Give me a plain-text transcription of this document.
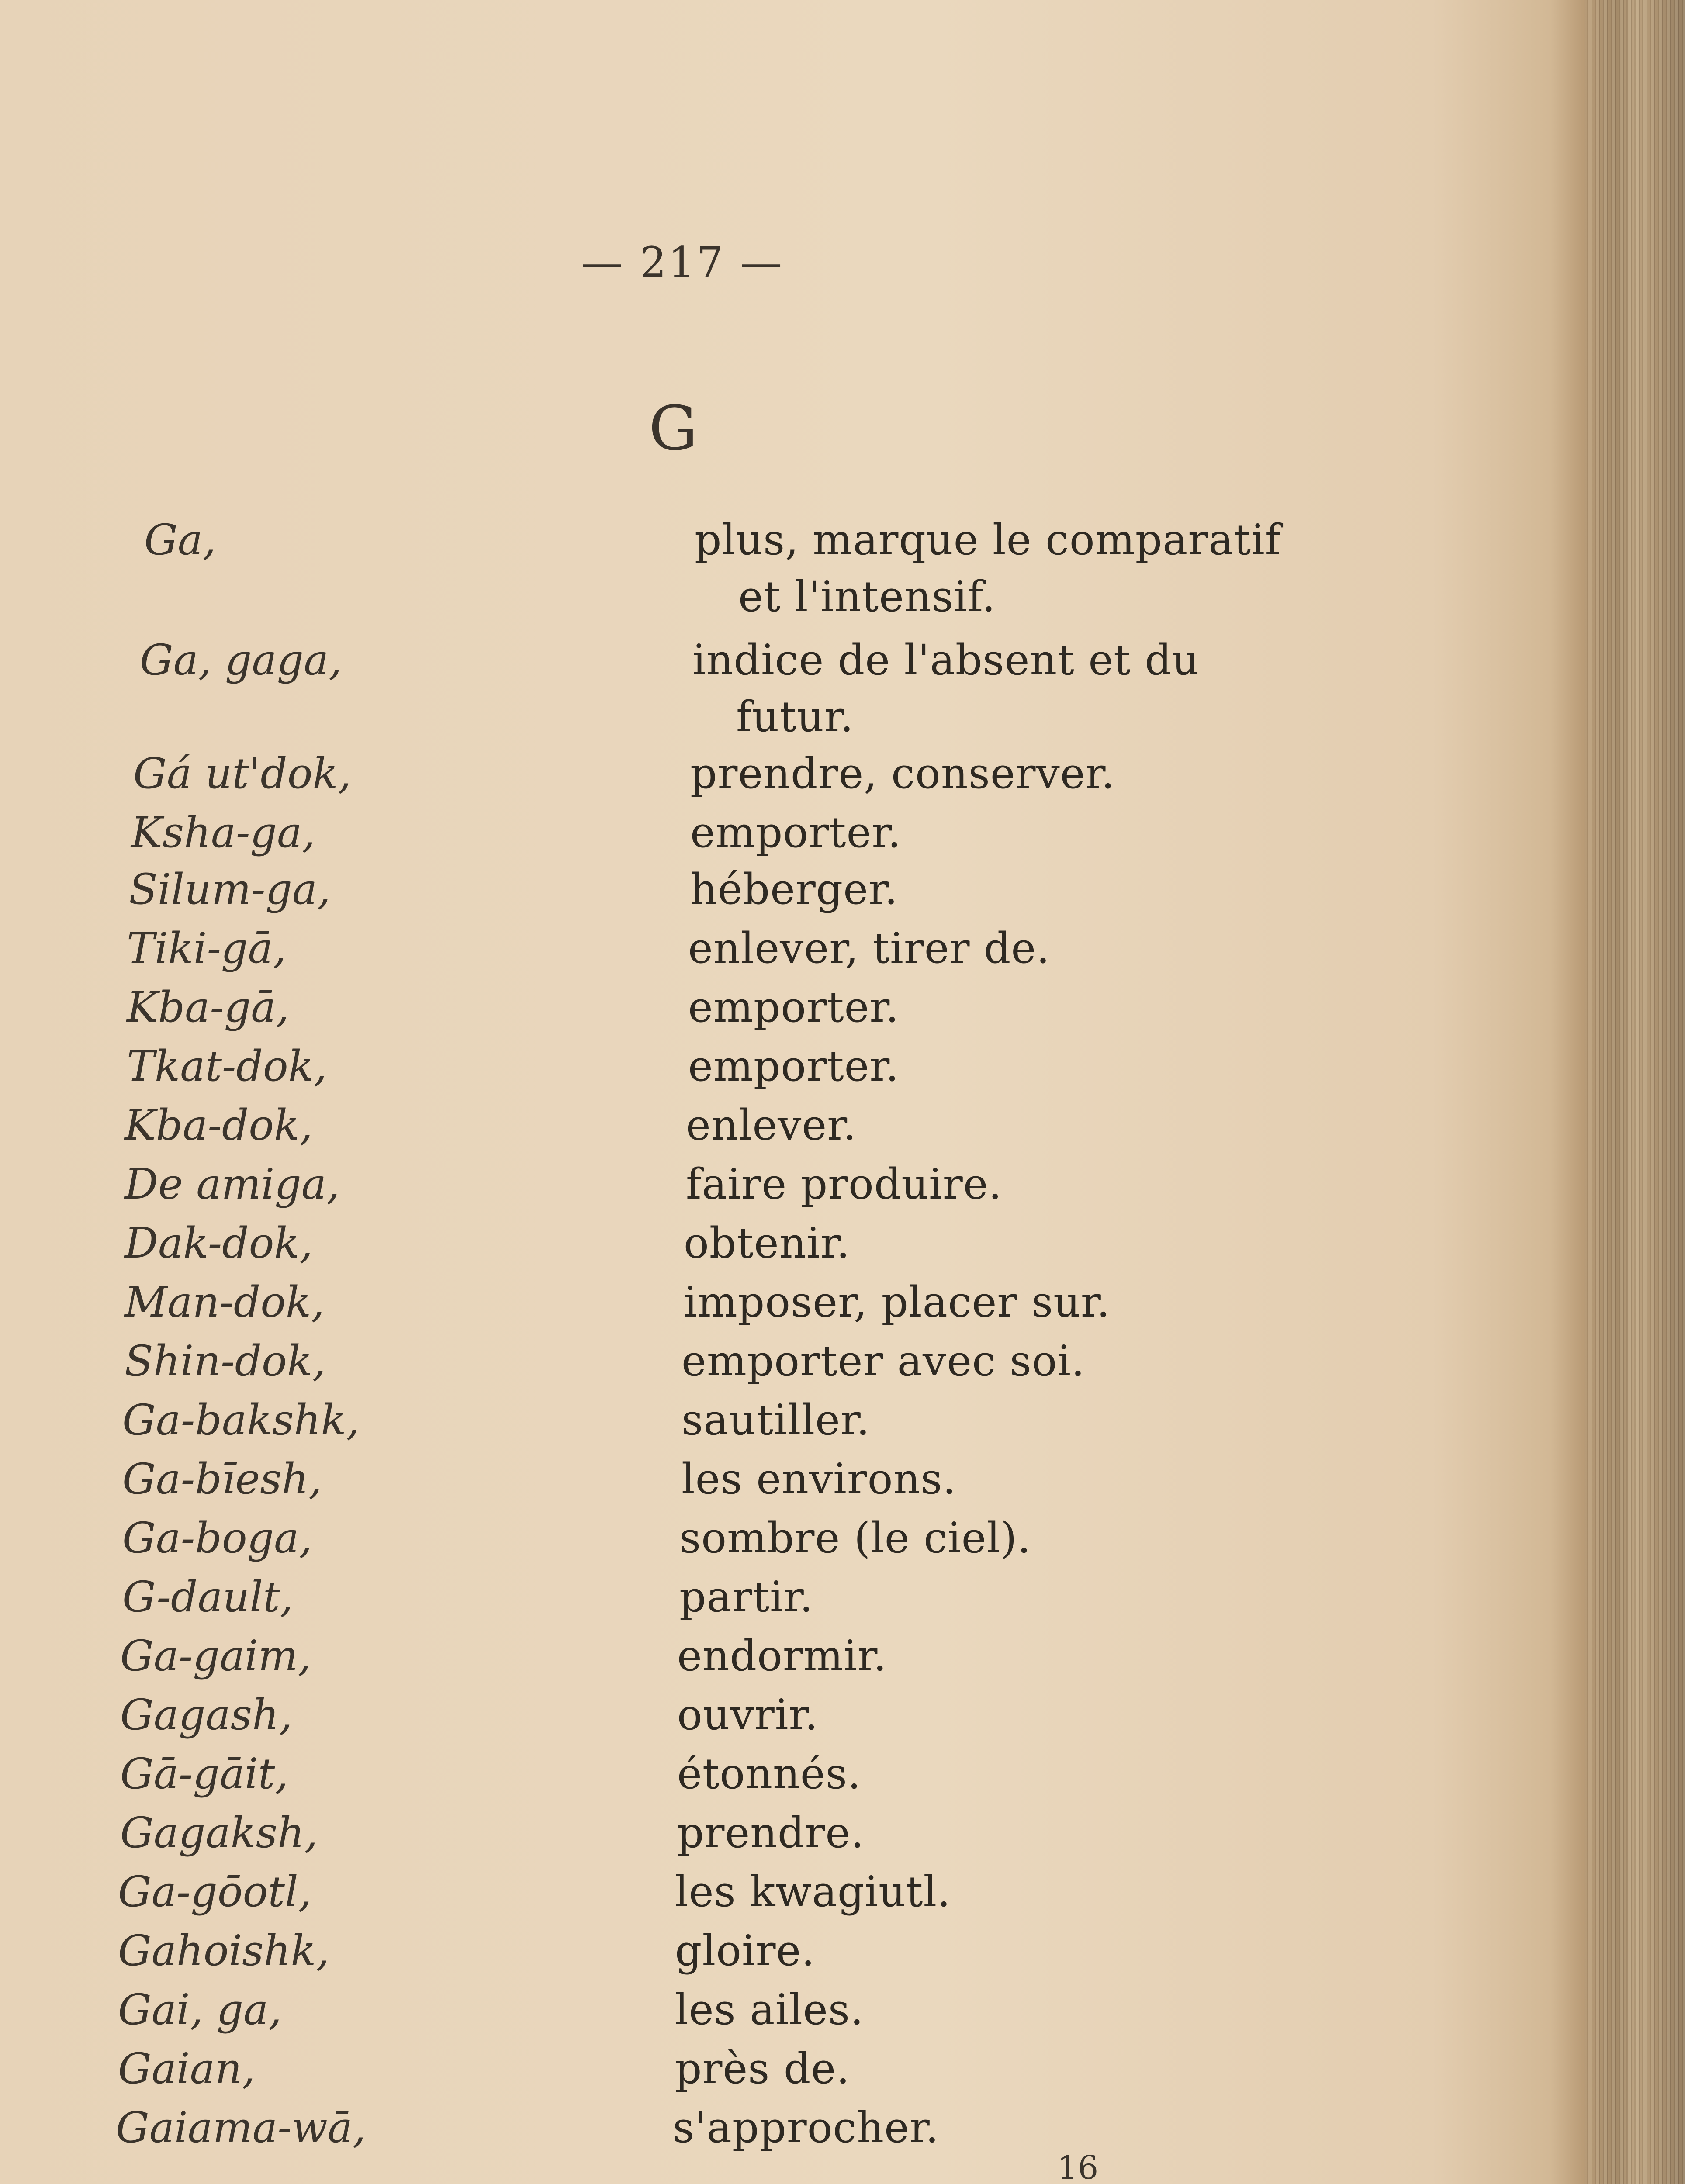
— 217 —
G
Ga,	plus, marque le comparatif
et l'intensif.
Ga, gaga,	indice de l'absent et du
futur.
Gá ut'dok,	prendre, conserver.
Ksha-ga,	emporter.
Silum-ga,	héberger.
Tiki-gā,	enlever, tirer de.
Kba-gā,	emporter.
Tkat-dok,	emporter.
Kba-dok,	enlever.
De amiga,	faire produire.
Dak-dok,	obtenir.
Man-dok,	imposer, placer sur.
Shin-dok,	emporter avec soi.
Ga-bakshk,	sautiller.
Ga-bīesh,	les environs.
Ga-boga,	sombre (le ciel).
G-dault,	partir.
Ga-gaim,	endormir.
Gagash,	ouvrir.
Gā-gāit,	étonnés.
Gagaksh,	prendre.
Ga-gōotl,	les kwagiutl.
Gahoishk,	gloire.
Gai, ga,	les ailes.
Gaian,	près de.
Gaiama-wā,	s'approcher.
16
